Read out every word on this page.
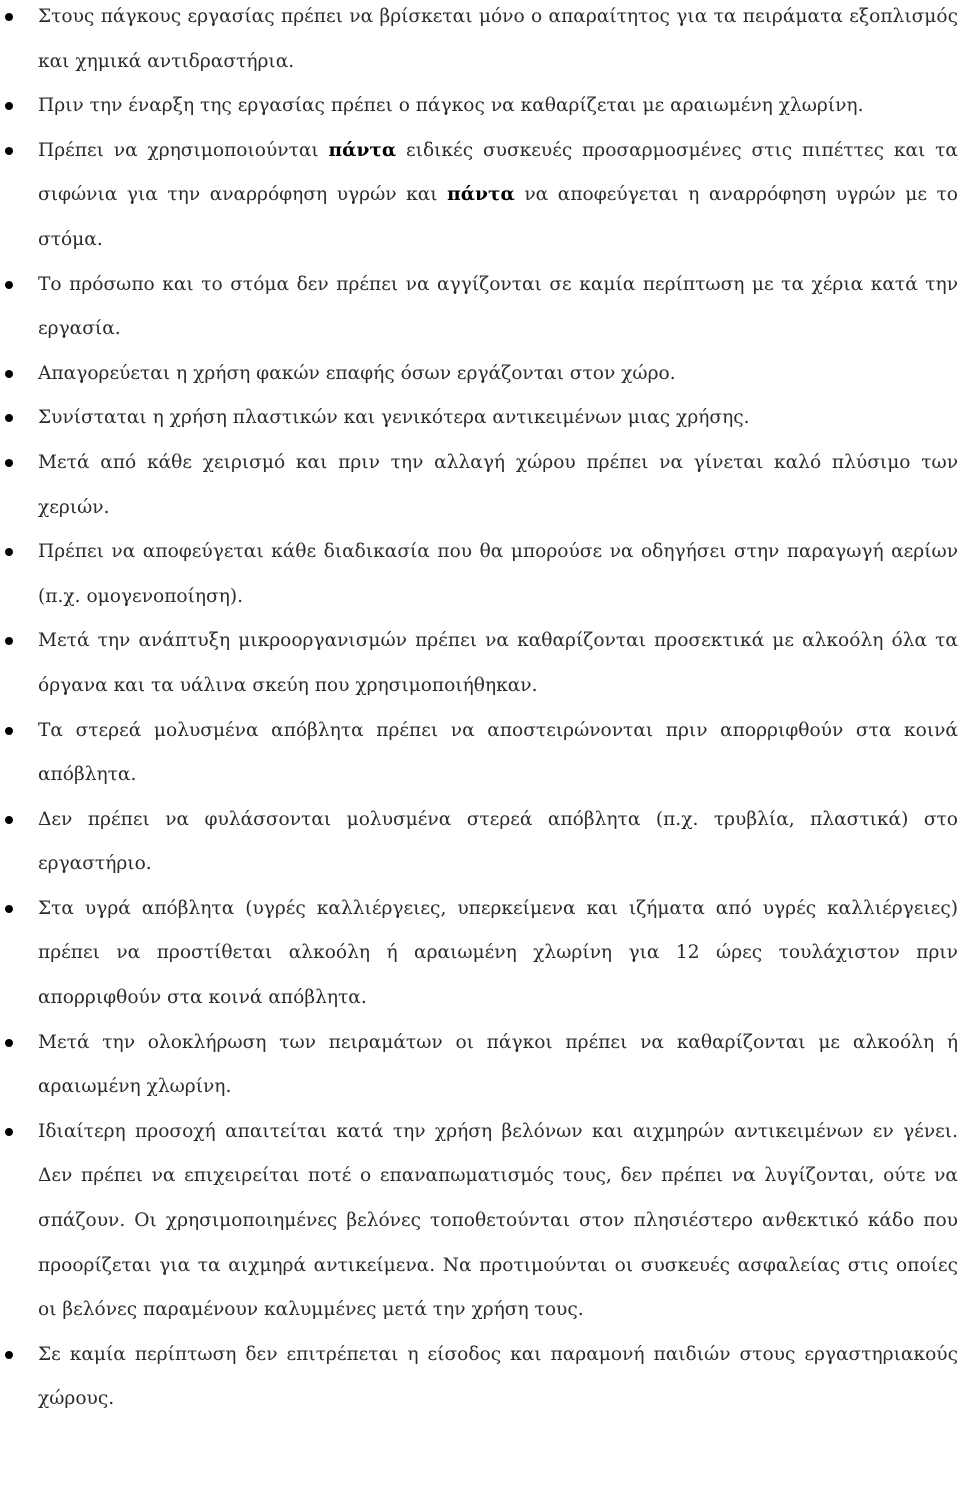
Στους πάγκους εργασίας πρέπει να βρίσκεται μόνο ο απαραίτητος για τα πειράματα εξοπλισμός και χημικά αντιδραστήρια.
Πριν την έναρξη της εργασίας πρέπει ο πάγκος να καθαρίζεται με αραιωμένη χλωρίνη.
Πρέπει να χρησιμοποιούνται πάντα ειδικές συσκευές προσαρμοσμένες στις πιπέττες και τα σιφώνια για την αναρρόφηση υγρών και πάντα να αποφεύγεται η αναρρόφηση υγρών με το στόμα.
Το πρόσωπο και το στόμα δεν πρέπει να αγγίζονται σε καμία περίπτωση με τα χέρια κατά την εργασία.
Απαγορεύεται η χρήση φακών επαφής όσων εργάζονται στον χώρο.
Συνίσταται η χρήση πλαστικών και γενικότερα αντικειμένων μιας χρήσης.
Μετά από κάθε χειρισμό και πριν την αλλαγή χώρου πρέπει να γίνεται καλό πλύσιμο των χεριών.
Πρέπει να αποφεύγεται κάθε διαδικασία που θα μπορούσε να οδηγήσει στην παραγωγή αερίων (π.χ. ομογενοποίηση).
Μετά την ανάπτυξη μικροοργανισμών πρέπει να καθαρίζονται προσεκτικά με αλκοόλη όλα τα όργανα και τα υάλινα σκεύη που χρησιμοποιήθηκαν.
Τα στερεά μολυσμένα απόβλητα πρέπει να αποστειρώνονται πριν απορριφθούν στα κοινά απόβλητα.
Δεν πρέπει να φυλάσσονται μολυσμένα στερεά απόβλητα (π.χ. τρυβλία, πλαστικά) στο εργαστήριο.
Στα υγρά απόβλητα (υγρές καλλιέργειες, υπερκείμενα και ιζήματα από υγρές καλλιέργειες) πρέπει να προστίθεται αλκοόλη ή αραιωμένη χλωρίνη για 12 ώρες τουλάχιστον πριν απορριφθούν στα κοινά απόβλητα.
Μετά την ολοκλήρωση των πειραμάτων οι πάγκοι πρέπει να καθαρίζονται με αλκοόλη ή αραιωμένη χλωρίνη.
Ιδιαίτερη προσοχή απαιτείται κατά την χρήση βελόνων και αιχμηρών αντικειμένων εν γένει. Δεν πρέπει να επιχειρείται ποτέ ο επαναπωματισμός τους, δεν πρέπει να λυγίζονται, ούτε να σπάζουν. Οι χρησιμοποιημένες βελόνες τοποθετούνται στον πλησιέστερο ανθεκτικό κάδο που προορίζεται για τα αιχμηρά αντικείμενα. Να προτιμούνται οι συσκευές ασφαλείας στις οποίες οι βελόνες παραμένουν καλυμμένες μετά την χρήση τους.
Σε καμία περίπτωση δεν επιτρέπεται η είσοδος και παραμονή παιδιών στους εργαστηριακούς χώρους.
